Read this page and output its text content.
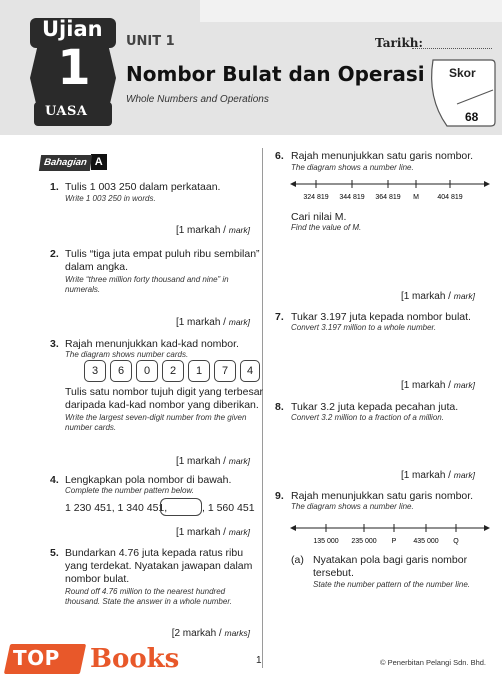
Ujian
1
UASA
UNIT 1	Tarikh:
Nombor Bulat dan Operasi
Whole Numbers and Operations
Skor
68
Bahagian A
1. Tulis 1 003 250 dalam perkataan.
Write 1 003 250 in words.
[1 markah / mark]
2. Tulis “tiga juta empat puluh ribu sembilan”
dalam angka.
Write “three million forty thousand and nine” in
numerals.
[1 markah / mark]
3. Rajah menunjukkan kad-kad nombor.
The diagram shows number cards.
3	6	0	2	1	7	4
Tulis satu nombor tujuh digit yang terbesar
daripada kad-kad nombor yang diberikan.
Write the largest seven-digit number from the given
number cards.
[1 markah / mark]
4. Lengkapkan pola nombor di bawah.
Complete the number pattern below.
1 230 451, 1 340 451,	, 1 560 451
[1 markah / mark]
5. Bundarkan 4.76 juta kepada ratus ribu
yang terdekat. Nyatakan jawapan dalam
nombor bulat.
Round off 4.76 million to the nearest hundred
thousand. State the answer in a whole number.
[2 markah / marks]
6. Rajah menunjukkan satu garis nombor.
The diagram shows a number line.
324 819 344 819 364 819 M	404 819
Cari nilai M.
Find the value of M.
[1 markah / mark]
7. Tukar 3.197 juta kepada nombor bulat.
Convert 3.197 million to a whole number.
[1 markah / mark]
8. Tukar 3.2 juta kepada pecahan juta.
Convert 3.2 million to a fraction of a million.
[1 markah / mark]
9. Rajah menunjukkan satu garis nombor.
The diagram shows a number line.
135 000 235 000 P 435 000 Q
(a) Nyatakan pola bagi garis nombor
tersebut.
State the number pattern of the number line.
1	© Penerbitan Pelangi Sdn. Bhd.
TOP Books
